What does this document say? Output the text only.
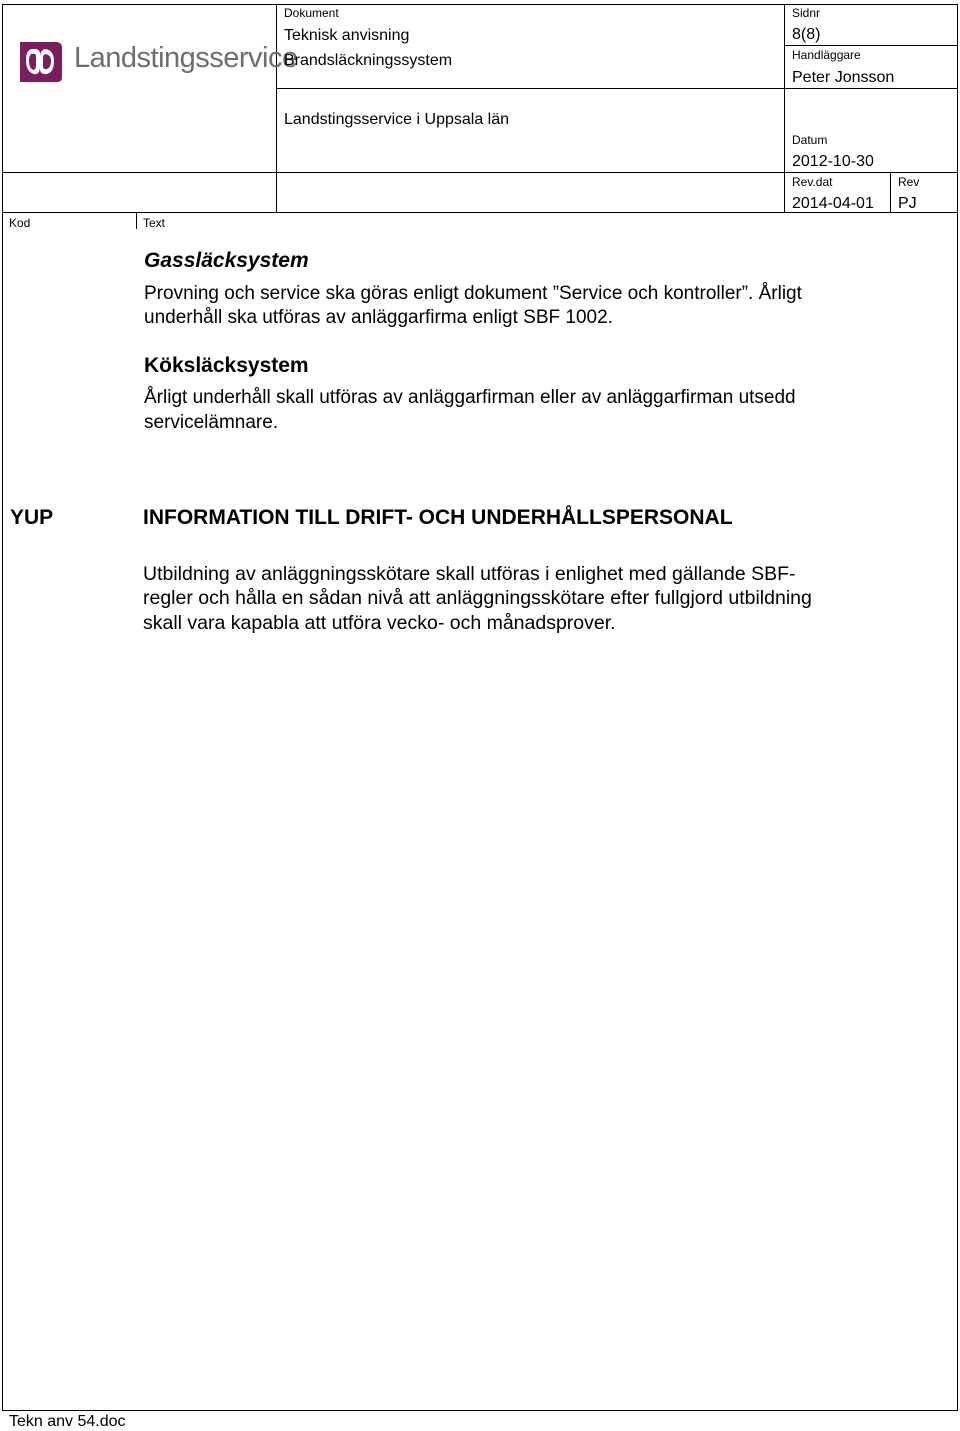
Landstingsservice
Dokument
Teknisk anvisning
Brandsläckningssystem
Landstingsservice i Uppsala län
Sidnr
8(8)
Handläggare
Peter Jonsson
Datum
2012-10-30
Rev.dat
2014-04-01
Rev
PJ
Kod	Text
Gassläcksystem
Provning och service ska göras enligt dokument ”Service och kontroller”. Årligt
underhåll ska utföras av anläggarfirma enligt SBF 1002.
Köksläcksystem
Årligt underhåll skall utföras av anläggarfirman eller av anläggarfirman utsedd
servicelämnare.
YUP	INFORMATION TILL DRIFT- OCH UNDERHÅLLSPERSONAL
Utbildning av anläggningsskötare skall utföras i enlighet med gällande SBF-
regler och hålla en sådan nivå att anläggningsskötare efter fullgjord utbildning
skall vara kapabla att utföra vecko- och månadsprover.
Tekn anv 54.doc
